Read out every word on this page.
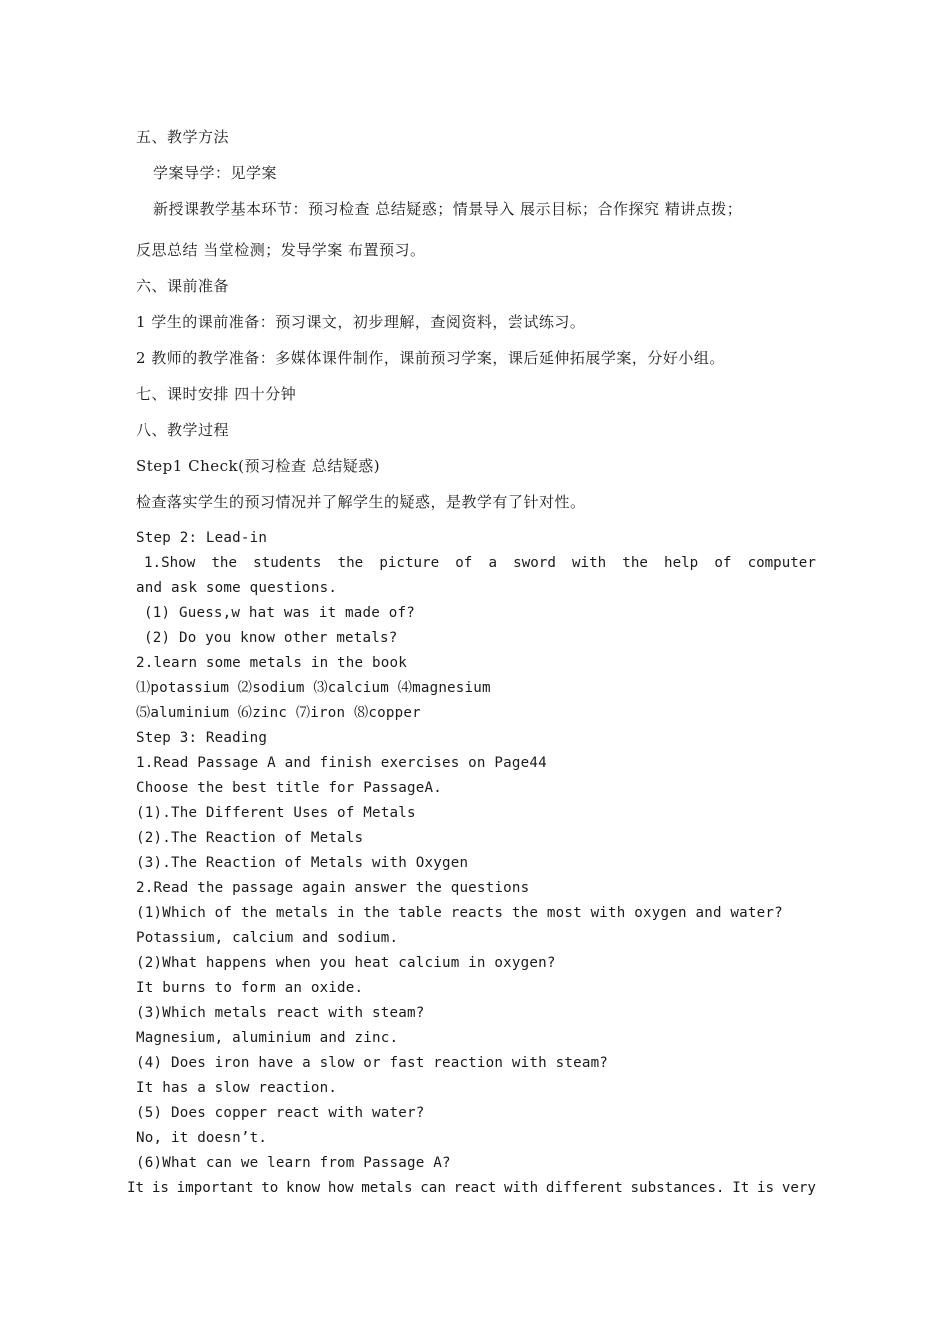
五、教学方法
学案导学：见学案
新授课教学基本环节：预习检查 总结疑惑；情景导入 展示目标；合作探究 精讲点拨；
反思总结 当堂检测；发导学案 布置预习。
六、课前准备
1 学生的课前准备：预习课文，初步理解，查阅资料，尝试练习。
2 教师的教学准备：多媒体课件制作，课前预习学案，课后延伸拓展学案，分好小组。
七、课时安排 四十分钟
八、教学过程
Step1 Check(预习检查 总结疑惑)
检查落实学生的预习情况并了解学生的疑惑，是教学有了针对性。
Step 2: Lead-in
1.Show the students the picture of a sword with the help of computer
and ask some questions.
(1) Guess,w hat was it made of?
(2) Do you know other metals?
2.learn some metals in the book
⑴potassium ⑵sodium ⑶calcium ⑷magnesium
⑸aluminium ⑹zinc ⑺iron ⑻copper
Step 3: Reading
1.Read Passage A and finish exercises on Page44
Choose the best title for PassageA.
(1).The Different Uses of Metals
(2).The Reaction of Metals
(3).The Reaction of Metals with Oxygen
2.Read the passage again answer the questions
(1)Which of the metals in the table reacts the most with oxygen and water?
Potassium, calcium and sodium.
(2)What happens when you heat calcium in oxygen?
It burns to form an oxide.
(3)Which metals react with steam?
Magnesium, aluminium and zinc.
(4) Does iron have a slow or fast reaction with steam?
It has a slow reaction.
(5) Does copper react with water?
No, it doesn’t.
(6)What can we learn from Passage A?
It is important to know how metals can react with different substances. It is very
